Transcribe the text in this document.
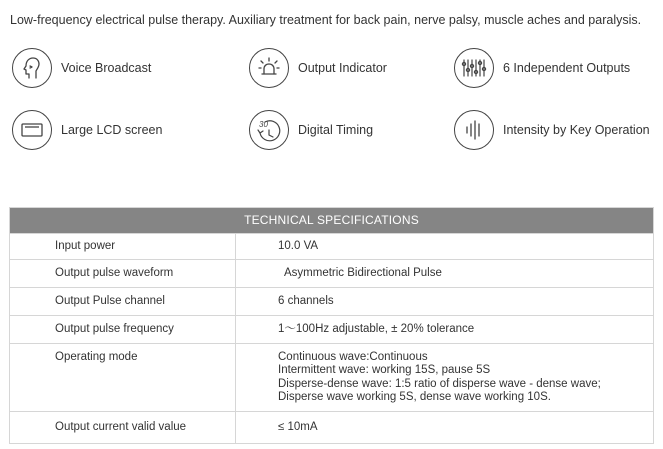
Low-frequency electrical pulse therapy. Auxiliary treatment for back pain, nerve palsy, muscle aches and paralysis.
Voice Broadcast	Output Indicator	6 Independent Outputs
Large LCD screen	30 Digital Timing	Intensity by Key Operation
TECHNICAL SPECIFICATIONS
Input power	10.0 VA
Output pulse waveform	Asymmetric Bidirectional Pulse
Output Pulse channel	6 channels
Output pulse frequency	1～100Hz adjustable, ± 20% tolerance
Operating mode	Continuous wave:Continuous
Intermittent wave: working 15S, pause 5S
Disperse-dense wave: 1:5 ratio of disperse wave - dense wave;
Disperse wave working 5S, dense wave working 10S.
Output current valid value	≤ 10mA
